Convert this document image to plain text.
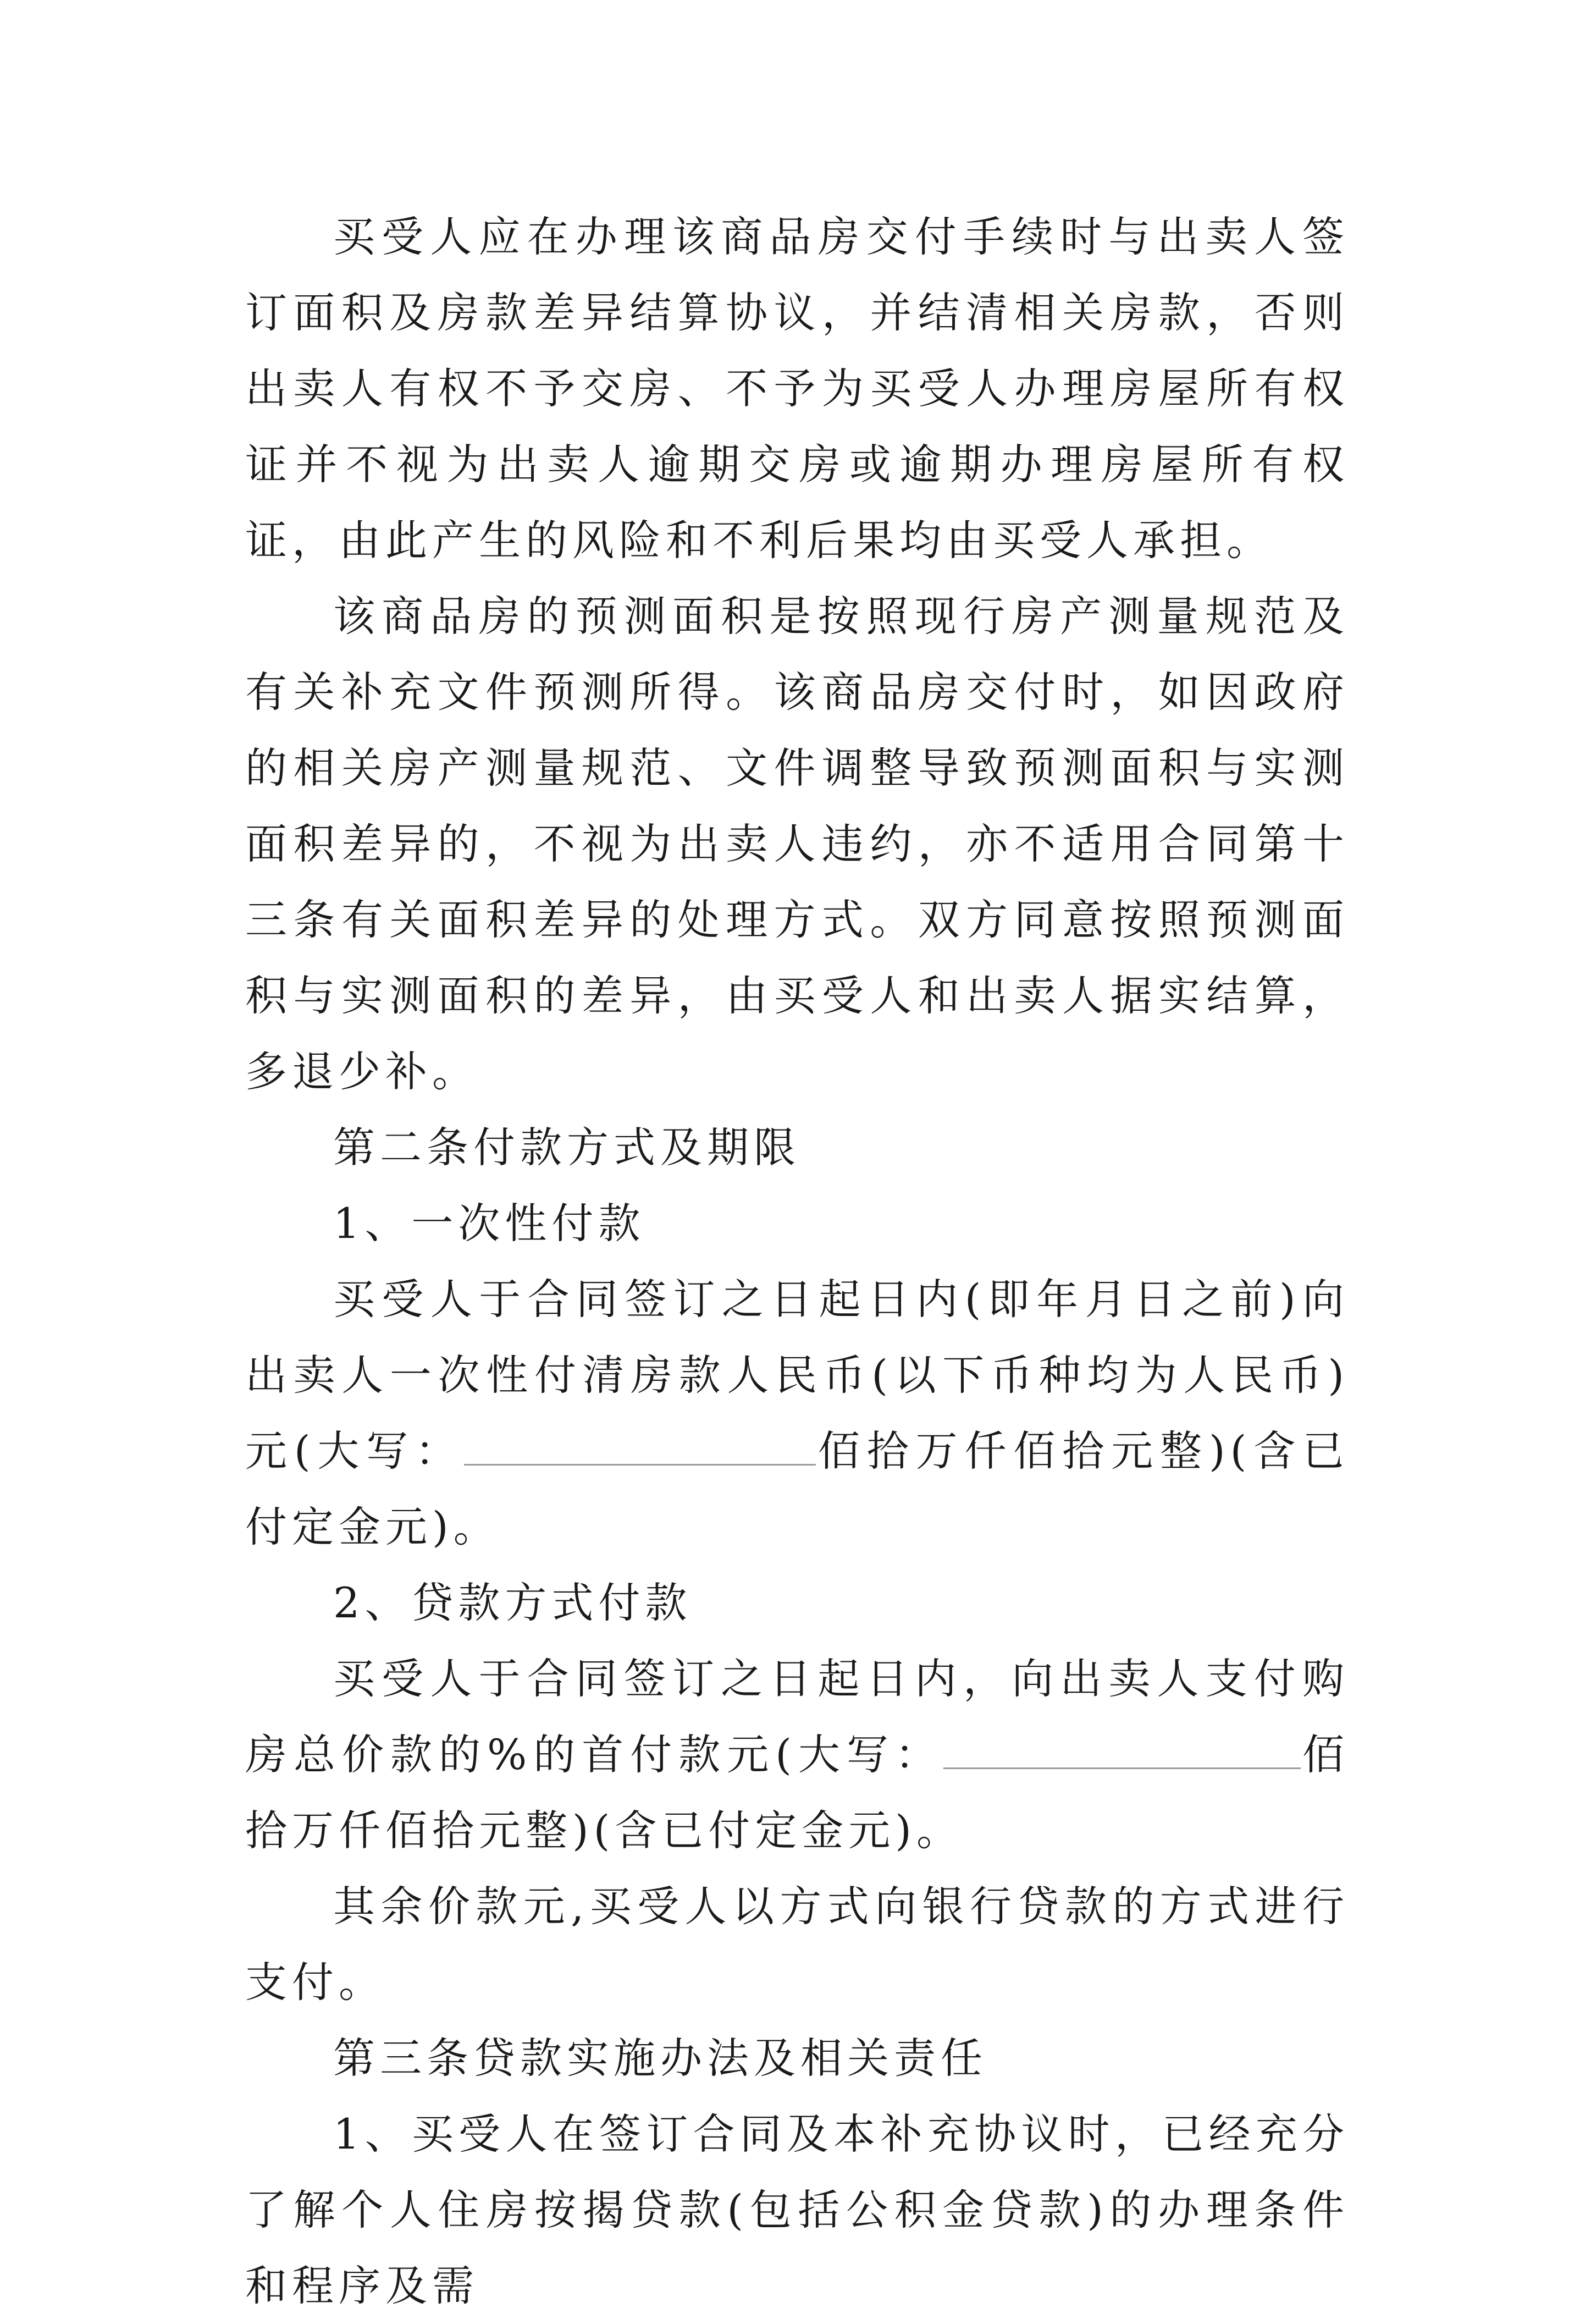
买受人应在办理该商品房交付手续时与出卖人签订面积及房款差异结算协议，并结清相关房款，否则出卖人有权不予交房、不予为买受人办理房屋所有权证并不视为出卖人逾期交房或逾期办理房屋所有权证，由此产生的风险和不利后果均由买受人承担。

该商品房的预测面积是按照现行房产测量规范及有关补充文件预测所得。该商品房交付时，如因政府的相关房产测量规范、文件调整导致预测面积与实测面积差异的，不视为出卖人违约，亦不适用合同第十三条有关面积差异的处理方式。双方同意按照预测面积与实测面积的差异，由买受人和出卖人据实结算，多退少补。

第二条付款方式及期限

1、一次性付款

买受人于合同签订之日起日内(即年月日之前)向出卖人一次性付清房款人民币(以下币种均为人民币)元(大写：	佰拾万仟佰拾元整)(含已付定金元)。

2、贷款方式付款

买受人于合同签订之日起日内，向出卖人支付购房总价款的%的首付款元(大写：	佰拾万仟佰拾元整)(含已付定金元)。

其余价款元,买受人以方式向银行贷款的方式进行支付。

第三条贷款实施办法及相关责任

1、买受人在签订合同及本补充协议时，已经充分了解个人住房按揭贷款(包括公积金贷款)的办理条件和程序及需
